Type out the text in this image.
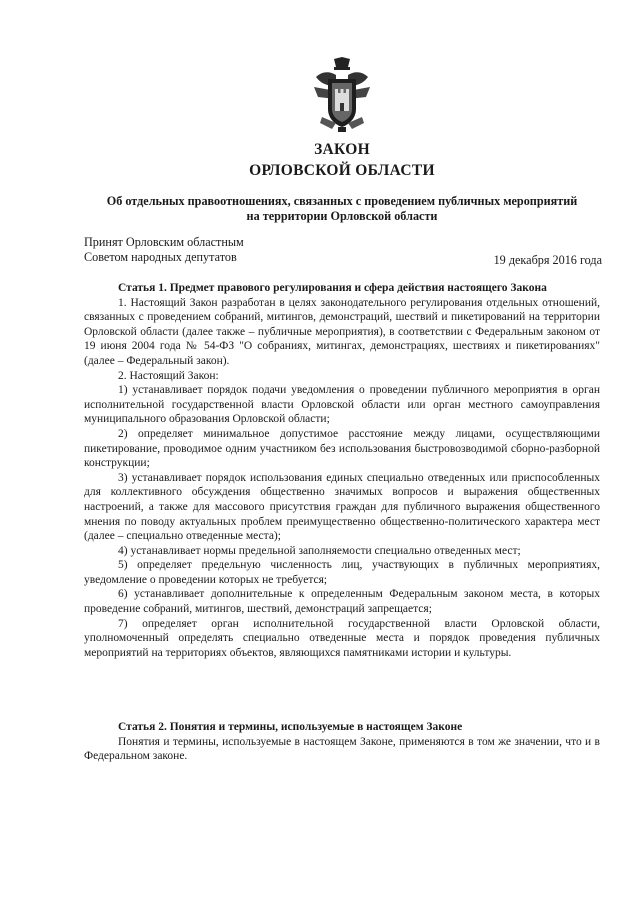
ЗАКОН
ОРЛОВСКОЙ ОБЛАСТИ
Об отдельных правоотношениях, связанных с проведением публичных мероприятий
на территории Орловской области
Принят Орловским областным
Советом народных депутатов	19 декабря 2016 года

Статья 1. Предмет правового регулирования и сфера действия настоящего Закона

1. Настоящий Закон разработан в целях законодательного регулирования отдельных отношений, связанных с проведением собраний, митингов, демонстраций, шествий и пикетирований на территории Орловской области (далее также – публичные мероприятия), в соответствии с Федеральным законом от 19 июня 2004 года № 54-ФЗ "О собраниях, митингах, демонстрациях, шествиях и пикетированиях" (далее – Федеральный закон).

2. Настоящий Закон:

1) устанавливает порядок подачи уведомления о проведении публичного мероприятия в орган исполнительной государственной власти Орловской области или орган местного самоуправления муниципального образования Орловской области;

2) определяет минимальное допустимое расстояние между лицами, осуществляющими пикетирование, проводимое одним участником без использования быстровозводимой сборно-разборной конструкции;

3) устанавливает порядок использования единых специально отведенных или приспособленных для коллективного обсуждения общественно значимых вопросов и выражения общественных настроений, а также для массового присутствия граждан для публичного выражения общественного мнения по поводу актуальных проблем преимущественно общественно-политического характера мест (далее – специально отведенные места);

4) устанавливает нормы предельной заполняемости специально отведенных мест;

5) определяет предельную численность лиц, участвующих в публичных мероприятиях, уведомление о проведении которых не требуется;

6) устанавливает дополнительные к определенным Федеральным законом места, в которых проведение собраний, митингов, шествий, демонстраций запрещается;

7) определяет орган исполнительной государственной власти Орловской области, уполномоченный определять специально отведенные места и порядок проведения публичных мероприятий на территориях объектов, являющихся памятниками истории и культуры.

Статья 2. Понятия и термины, используемые в настоящем Законе

Понятия и термины, используемые в настоящем Законе, применяются в том же значении, что и в Федеральном законе.
